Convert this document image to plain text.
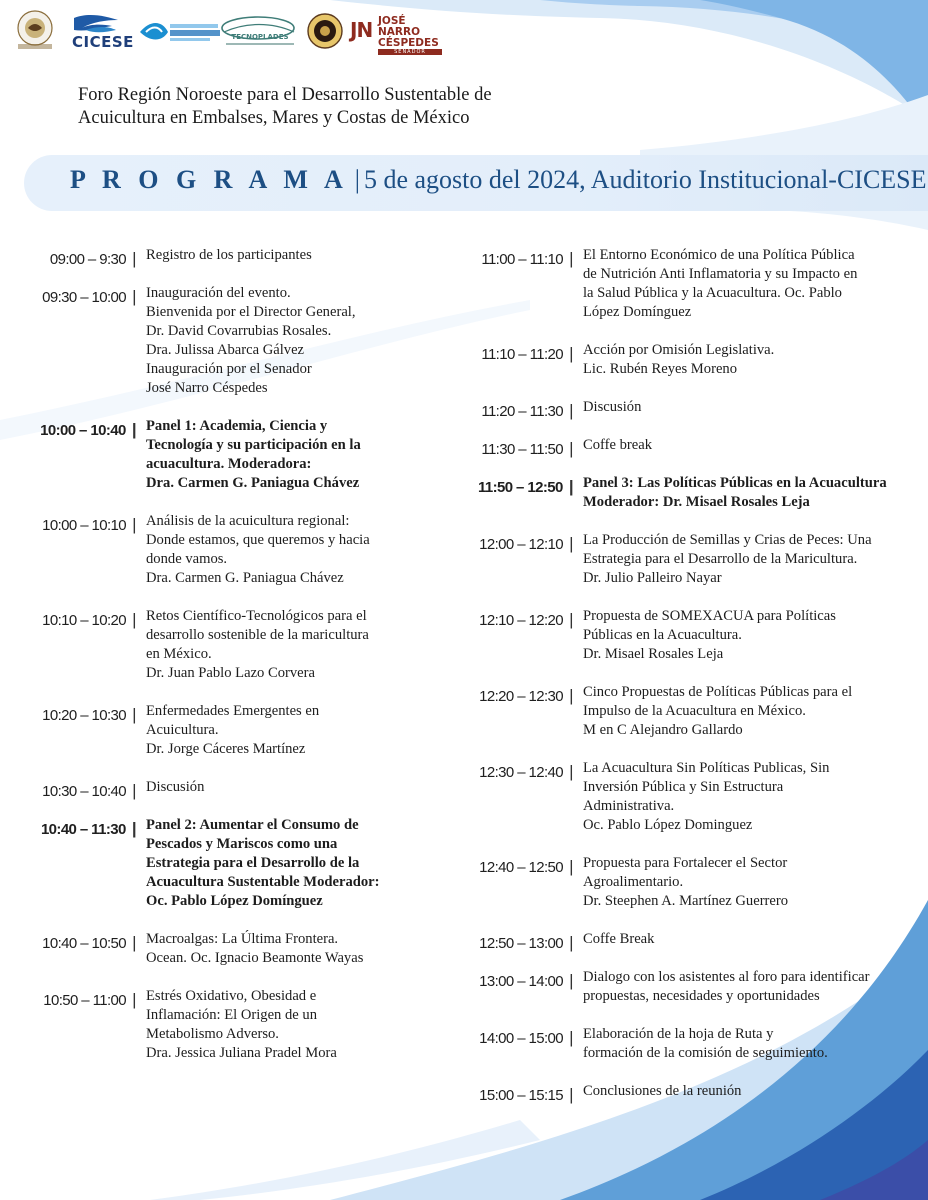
CICESE	TECNOPLADES	JN JOSÉ NARRO
CÉSPEDES
SENADOR
Foro Región Noroeste para el Desarrollo Sustentable de
Acuicultura en Embalses, Mares y Costas de México
P R O G R A M A | 5 de agosto del 2024, Auditorio Institucional-CICESE
09:00 – 9:30 | Registro de los participantes
09:30 – 10:00 | Inauguración del evento.
Bienvenida por el Director General,
Dr. David Covarrubias Rosales.
Dra. Julissa Abarca Gálvez
Inauguración por el Senador
José Narro Céspedes
10:00 – 10:40 | Panel 1: Academia, Ciencia y
Tecnología y su participación en la
acuacultura. Moderadora:
Dra. Carmen G. Paniagua Chávez
10:00 – 10:10 | Análisis de la acuicultura regional:
Donde estamos, que queremos y hacia
donde vamos.
Dra. Carmen G. Paniagua Chávez
10:10 – 10:20 | Retos Científico-Tecnológicos para el
desarrollo sostenible de la maricultura
en México.
Dr. Juan Pablo Lazo Corvera
10:20 – 10:30 | Enfermedades Emergentes en
Acuicultura.
Dr. Jorge Cáceres Martínez
10:30 – 10:40 | Discusión
10:40 – 11:30 | Panel 2: Aumentar el Consumo de
Pescados y Mariscos como una
Estrategia para el Desarrollo de la
Acuacultura Sustentable Moderador:
Oc. Pablo López Domínguez
10:40 – 10:50 | Macroalgas: La Última Frontera.
Ocean. Oc. Ignacio Beamonte Wayas
10:50 – 11:00 | Estrés Oxidativo, Obesidad e
Inflamación: El Origen de un
Metabolismo Adverso.
Dra. Jessica Juliana Pradel Mora
11:00 – 11:10 | El Entorno Económico de una Política Pública
de Nutrición Anti Inflamatoria y su Impacto en
la Salud Pública y la Acuacultura. Oc. Pablo
López Domínguez
11:10 – 11:20 | Acción por Omisión Legislativa.
Lic. Rubén Reyes Moreno
11:20 – 11:30 | Discusión
11:30 – 11:50 | Coffe break
11:50 – 12:50 | Panel 3: Las Políticas Públicas en la Acuacultura
Moderador: Dr. Misael Rosales Leja
12:00 – 12:10 | La Producción de Semillas y Crias de Peces: Una
Estrategia para el Desarrollo de la Maricultura.
Dr. Julio Palleiro Nayar
12:10 – 12:20 | Propuesta de SOMEXACUA para Políticas
Públicas en la Acuacultura.
Dr. Misael Rosales Leja
12:20 – 12:30 | Cinco Propuestas de Políticas Públicas para el
Impulso de la Acuacultura en México.
M en C Alejandro Gallardo
12:30 – 12:40 | La Acuacultura Sin Políticas Publicas, Sin
Inversión Pública y Sin Estructura
Administrativa.
Oc. Pablo López Dominguez
12:40 – 12:50 | Propuesta para Fortalecer el Sector
Agroalimentario.
Dr. Steephen A. Martínez Guerrero
12:50 – 13:00 | Coffe Break
13:00 – 14:00 | Dialogo con los asistentes al foro para identificar
propuestas, necesidades y oportunidades
14:00 – 15:00 | Elaboración de la hoja de Ruta y
formación de la comisión de seguimiento.
15:00 – 15:15 | Conclusiones de la reunión
